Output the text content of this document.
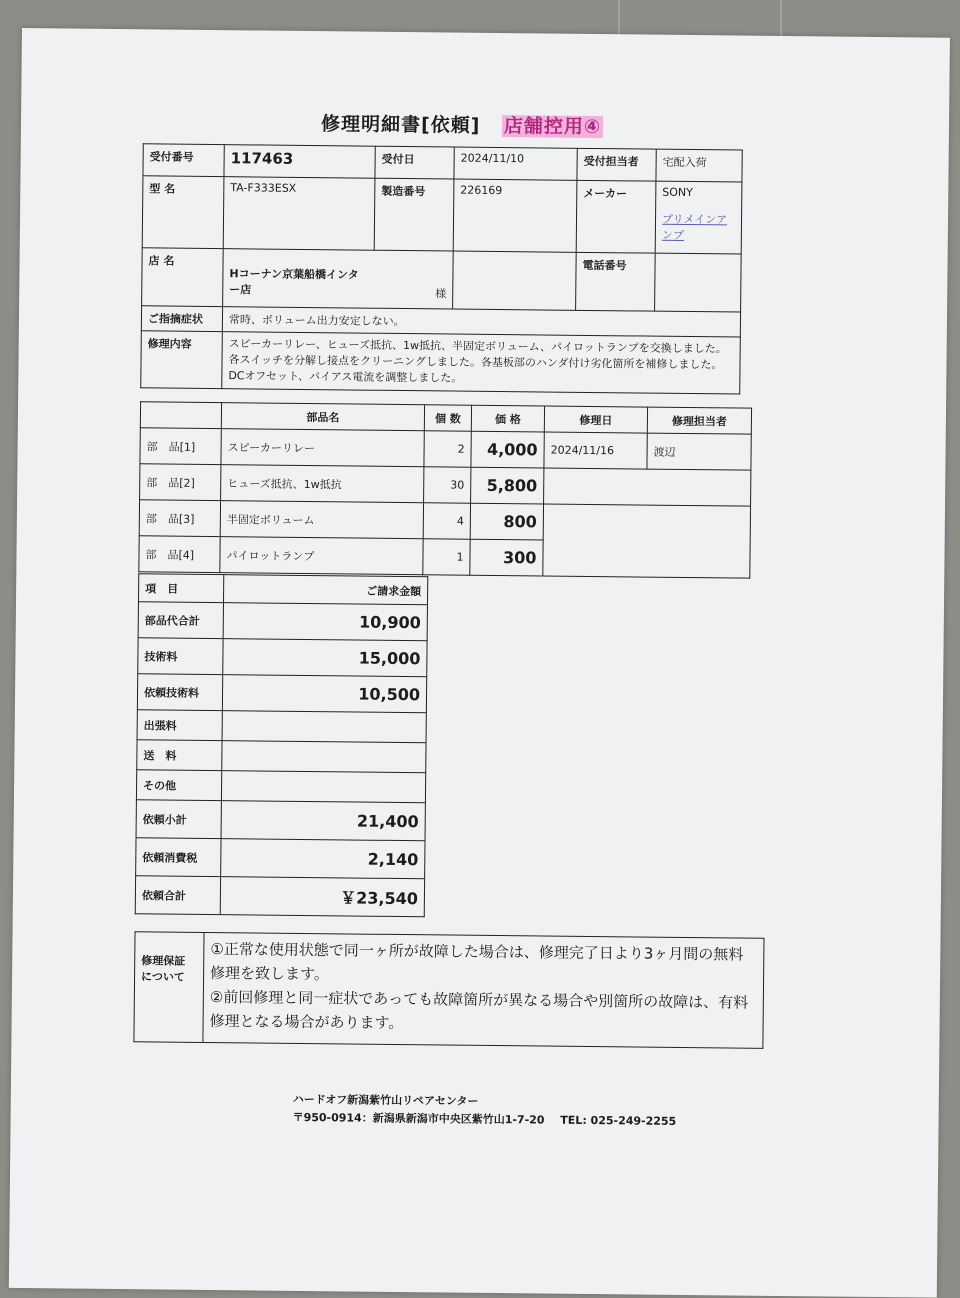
修理明細書[依頼] 店舗控用④
受付番号	117463	受付日	2024/11/10	受付担当者	宅配入荷
型 名	TA-F333ESX	製造番号	226169	メーカー	SONY
プリメインアンプ

店 名	Hコーナン京葉船橋インター店 様			電話番号	
ご指摘症状	常時、ボリューム出力安定しない。				
修理内容	スピーカーリレー、ヒューズ抵抗、1w抵抗、半固定ボリューム、パイロットランプを交換しました。各スイッチを分解し接点をクリーニングしました。各基板部のハンダ付け劣化箇所を補修しました。DCオフセット、バイアス電流を調整しました。				
	部品名	個 数	価 格	修理日	修理担当者
部　品[1]	スピーカーリレー	2	4,000	2024/11/16	渡辺
部　品[2]	ヒューズ抵抗、1w抵抗	30	5,800		
部　品[3]	半固定ボリューム	4	800		
部　品[4]	パイロットランプ	1	300		
項　目	ご請求金額
部品代合計	10,900
技術料	15,000
依頼技術料	10,500
出張料	
送　料	
その他	
依頼小計	21,400
依頼消費税	2,140
依頼合計	￥23,540
修理保証
について

①正常な使用状態で同一ヶ所が故障した場合は、修理完了日より3ヶ月間の無料修理を致します。
②前回修理と同一症状であっても故障箇所が異なる場合や別箇所の故障は、有料修理となる場合があります。
ハードオフ新潟紫竹山リペアセンター
〒950-0914：新潟県新潟市中央区紫竹山1-7-20 TEL: 025-249-2255
